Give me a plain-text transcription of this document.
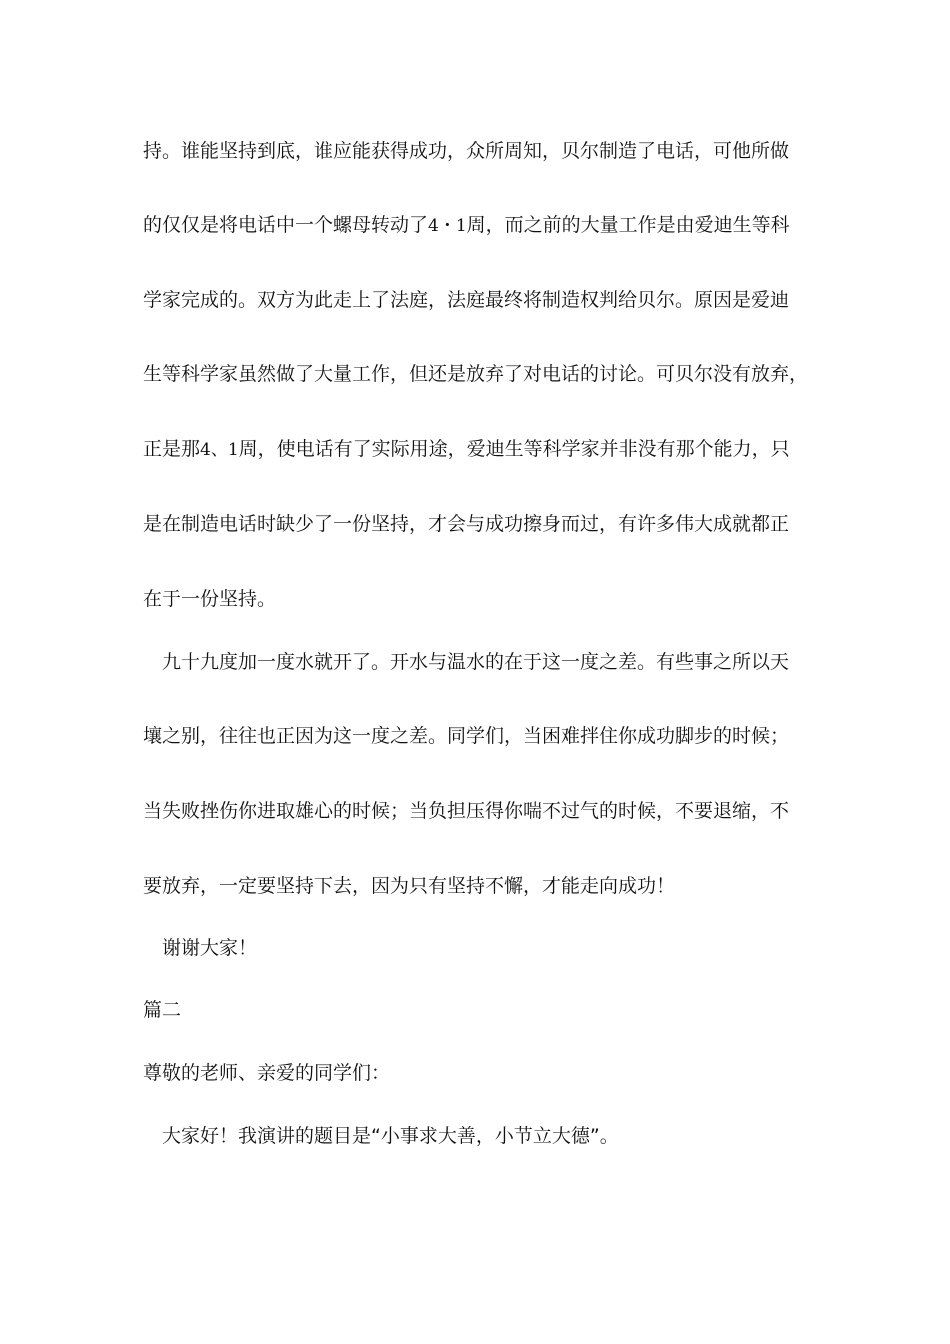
持。谁能坚持到底，谁应能获得成功，众所周知，贝尔制造了电话，可他所做

的仅仅是将电话中一个螺母转动了4・1周，而之前的大量工作是由爱迪生等科

学家完成的。双方为此走上了法庭，法庭最终将制造权判给贝尔。原因是爱迪

生等科学家虽然做了大量工作，但还是放弃了对电话的讨论。可贝尔没有放弃，

正是那4、1周，使电话有了实际用途，爱迪生等科学家并非没有那个能力，只

是在制造电话时缺少了一份坚持，才会与成功擦身而过，有许多伟大成就都正

在于一份坚持。

九十九度加一度水就开了。开水与温水的在于这一度之差。有些事之所以天

壤之别，往往也正因为这一度之差。同学们，当困难拌住你成功脚步的时候；

当失败挫伤你进取雄心的时候；当负担压得你喘不过气的时候，不要退缩，不

要放弃，一定要坚持下去，因为只有坚持不懈，才能走向成功！

谢谢大家！

篇二

尊敬的老师、亲爱的同学们：

大家好！我演讲的题目是“小事求大善，小节立大德”。
